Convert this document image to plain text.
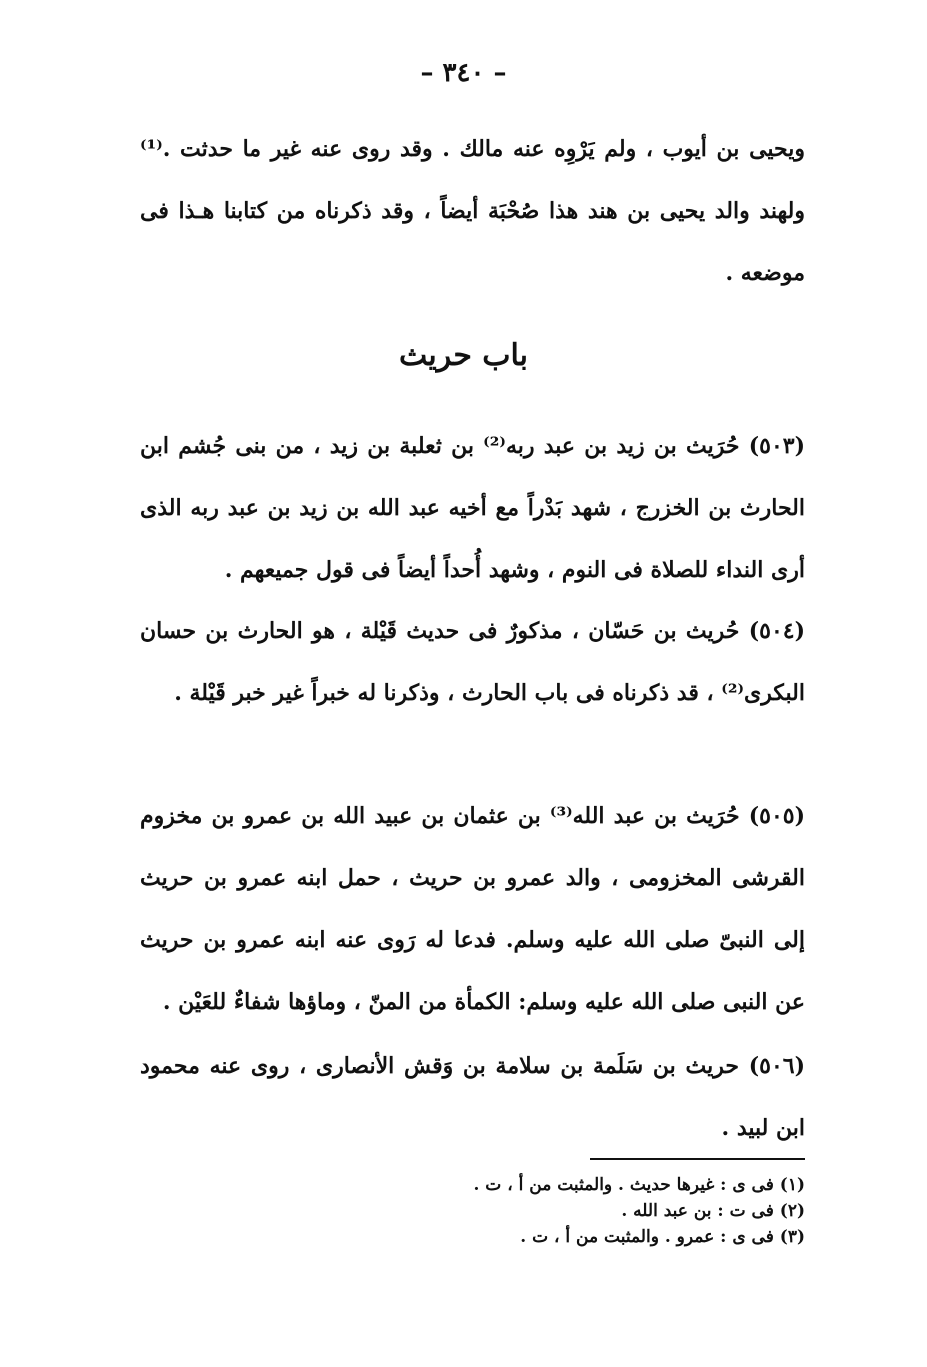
– ٣٤٠ –

ويحيى بن أيوب ، ولم يَرْوِه عنه مالك . وقد روى عنه غير ما حدثت .⁽¹⁾ ولهند والد يحيى بن هند هذا صُحْبَة أيضاً ، وقد ذكرناه من كتابنا هـذا فى موضعه .

باب حريث

(٥٠٣) حُرَيث بن زيد بن عبد ربه⁽²⁾ بن ثعلبة بن زيد ، من بنى جُشم ابن الحارث بن الخزرج ، شهد بَدْراً مع أخيه عبد الله بن زيد بن عبد ربه الذى أرى النداء للصلاة فى النوم ، وشهد أُحداً أيضاً فى قول جميعهم .

(٥٠٤) حُريث بن حَسّان ، مذكورٌ فى حديث قَيْلة ، هو الحارث بن حسان البكرى⁽²⁾ ، قد ذكرناه فى باب الحارث ، وذكرنا له خبراً غير خبر قَيْلة .

(٥٠٥) حُرَيث بن عبد الله⁽³⁾ بن عثمان بن عبيد الله بن عمرو بن مخزوم القرشى المخزومى ، والد عمرو بن حريث ، حمل ابنه عمرو بن حريث إلى النبىّ صلى الله عليه وسلم. فدعا له رَوى عنه ابنه عمرو بن حريث عن النبى صلى الله عليه وسلم: الكمأة من المنّ ، وماؤها شفاءٌ للعَيْن .

(٥٠٦) حريث بن سَلَمة بن سلامة بن وَقش الأنصارى ، روى عنه محمود ابن لبيد .

(١) فى ى : غيرها حديث . والمثبت من أ ، ت .
(٢) فى ت : بن عبد الله .
(٣) فى ى : عمرو . والمثبت من أ ، ت .
